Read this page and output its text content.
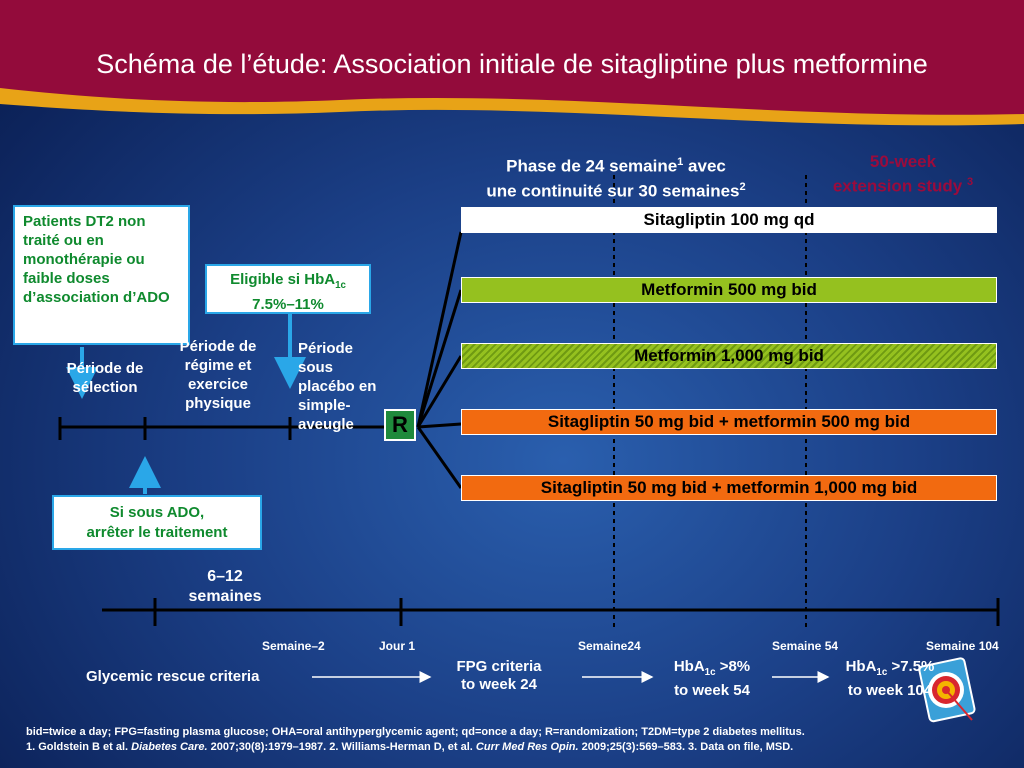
Schéma de l’étude: Association initiale de sitagliptine plus metformine
Phase de 24 semaine$^1$ avec
une continuité sur 30 semaines$^2$
50-week
extension study $^3$
Patients DT2 non traité ou en monothérapie ou faible doses d’association d’ADO
Eligible si HbA$_{1c}$
7.5%–11%
Si sous ADO,
arrêter le traitement
Période de sélection
Période de régime et exercice physique
Période sous placébo en simple-aveugle	R
Sitagliptin 100 mg qd
Metformin 500 mg bid
Metformin 1,000 mg bid
Sitagliptin 50 mg bid + metformin 500 mg bid
Sitagliptin 50 mg bid + metformin 1,000 mg bid
6–12 semaines
Semaine–2	Jour 1	Semaine24	Semaine 54	Semaine 104
Glycemic rescue criteria
FPG criteria
to week 24
HbA$_{1c}$ >8%
to week 54
HbA$_{1c}$ >7.5%
to week 104
bid=twice a day; FPG=fasting plasma glucose; OHA=oral antihyperglycemic agent; qd=once a day; R=randomization; T2DM=type 2 diabetes mellitus.
1. Goldstein B et al. Diabetes Care. 2007;30(8):1979–1987. 2. Williams-Herman D, et al. Curr Med Res Opin. 2009;25(3):569–583. 3. Data on file, MSD.
